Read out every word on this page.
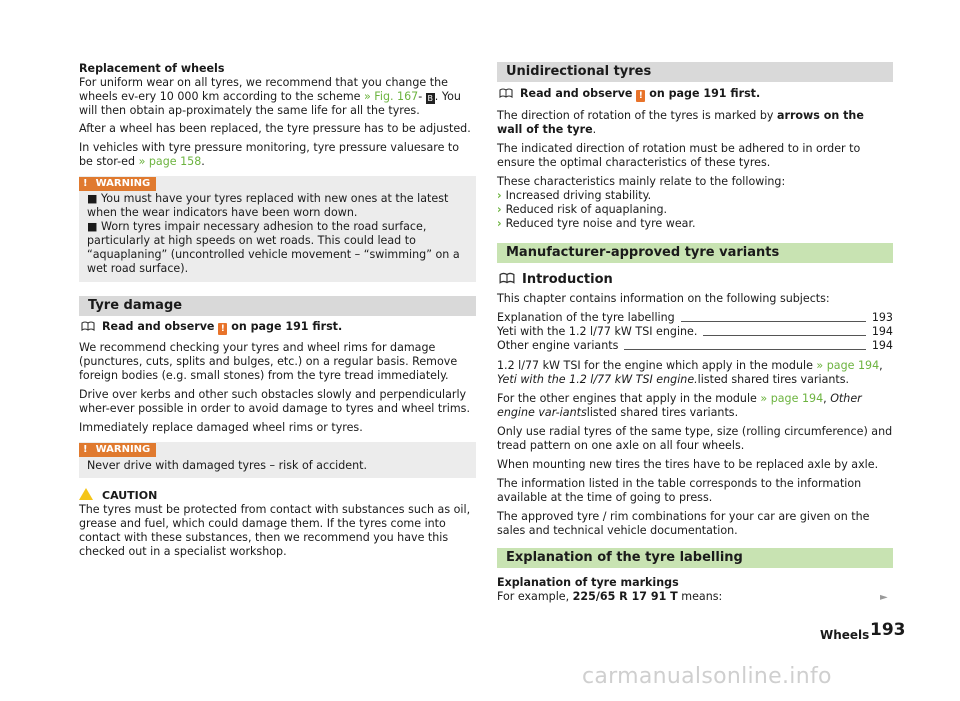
Replacement of wheels
For uniform wear on all tyres, we recommend that you change the wheels ev-ery 10 000 km according to the scheme » Fig. 167- B . You will then obtain ap-proximately the same life for all the tyres.

After a wheel has been replaced, the tyre pressure has to be adjusted.

In vehicles with tyre pressure monitoring, tyre pressure valuesare to be stor-ed » page 158.

! WARNING
■ You must have your tyres replaced with new ones at the latest when the wear indicators have been worn down.
■ Worn tyres impair necessary adhesion to the road surface, particularly at high speeds on wet roads. This could lead to “aquaplaning” (uncontrolled vehicle movement – “swimming” on a wet road surface).
Tyre damage

Read and observe ! on page 191 first.

We recommend checking your tyres and wheel rims for damage (punctures, cuts, splits and bulges, etc.) on a regular basis. Remove foreign bodies (e.g. small stones) from the tyre tread immediately.

Drive over kerbs and other such obstacles slowly and perpendicularly wher-ever possible in order to avoid damage to tyres and wheel trims.

Immediately replace damaged wheel rims or tyres.

! WARNING
Never drive with damaged tyres – risk of accident.
CAUTION

The tyres must be protected from contact with substances such as oil, grease and fuel, which could damage them. If the tyres come into contact with these substances, then we recommend you have this checked out in a specialist workshop.

Unidirectional tyres

Read and observe ! on page 191 first.

The direction of rotation of the tyres is marked by arrows on the wall of the tyre.

The indicated direction of rotation must be adhered to in order to ensure the optimal characteristics of these tyres.

These characteristics mainly relate to the following:

› Increased driving stability.
› Reduced risk of aquaplaning.
› Reduced tyre noise and tyre wear.
Manufacturer-approved tyre variants
Introduction

This chapter contains information on the following subjects:

Explanation of the tyre labelling	193
Yeti with the 1.2 l/77 kW TSI engine.	194
Other engine variants	194

1.2 l/77 kW TSI for the engine which apply in the module » page 194, Yeti with the 1.2 l/77 kW TSI engine.listed shared tires variants.

For the other engines that apply in the module » page 194, Other engine var-iantslisted shared tires variants.

Only use radial tyres of the same type, size (rolling circumference) and tread pattern on one axle on all four wheels.

When mounting new tires the tires have to be replaced axle by axle.

The information listed in the table corresponds to the information available at the time of going to press.

The approved tyre / rim combinations for your car are given on the sales and technical vehicle documentation.

Explanation of the tyre labelling

Explanation of tyre markings
For example, 225/65 R 17 91 T means:	►
Wheels 193
carmanualsonline.info
